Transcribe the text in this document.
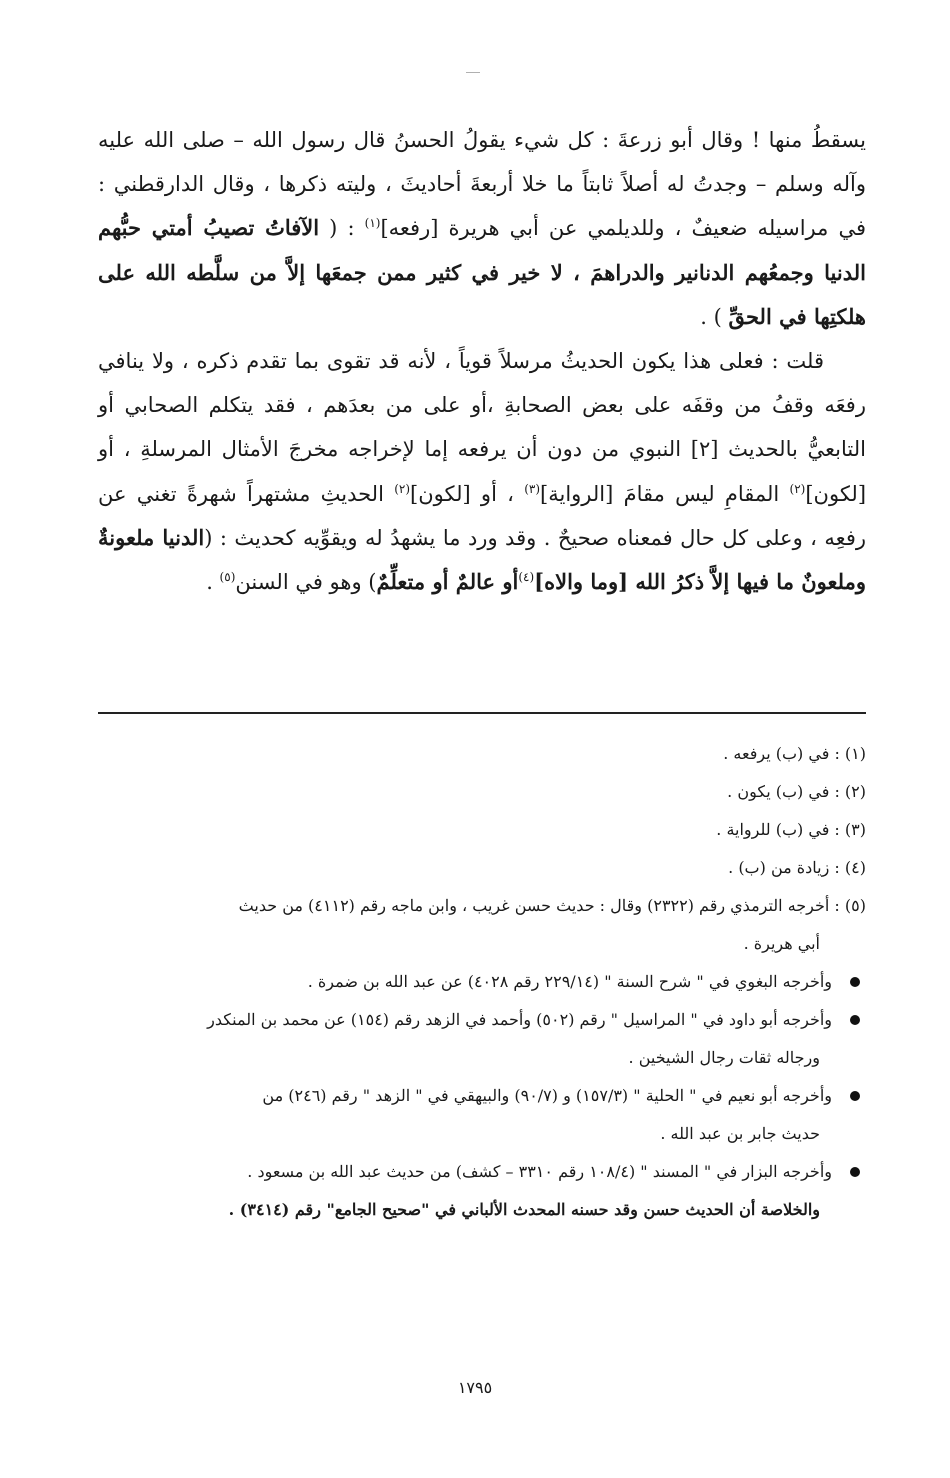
يسقطُ منها ! وقال أبو زرعةَ : كل شيء يقولُ الحسنُ قال رسول الله – صلى الله عليه وآله وسلم – وجدتُ له أصلاً ثابتاً ما خلا أربعةَ أحاديثَ ، وليته ذكرها ، وقال الدارقطني : في مراسيله ضعيفٌ ، وللديلمي عن أبي هريرة [رفعه]$^{(١)}$ : ( الآفاتُ تصيبُ أمتي حبُّهم الدنيا وجمعُهم الدنانير والدراهمَ ، لا خير في كثير ممن جمعَها إلاَّ من سلَّطه الله على هلكتِها في الحقِّ ) .

قلت : فعلى هذا يكون الحديثُ مرسلاً قوياً ، لأنه قد تقوى بما تقدم ذكره ، ولا ينافي رفعَه وقفُ من وقفَه على بعض الصحابةِ ،أو على من بعدَهم ، فقد يتكلم الصحابي أو التابعيُّ بالحديث [٢] النبوي من دون أن يرفعه إما لإخراجه مخرجَ الأمثال المرسلةِ ، أو [لكون]$^{(٢)}$ المقامِ ليس مقامَ [الرواية]$^{(٣)}$ ، أو [لكون]$^{(٢)}$ الحديثِ مشتهراً شهرةً تغني عن رفعِه ، وعلى كل حال فمعناه صحيحٌ . وقد ورد ما يشهدُ له ويقوِّيه كحديث : (الدنيا ملعونةٌ وملعونٌ ما فيها إلاَّ ذكرُ الله [وما والاه]$^{(٤)}$أو عالمٌ أو متعلِّمٌ) وهو في السنن$^{(٥)}$ .

(١) : في (ب) يرفعه .

(٢) : في (ب) يكون .

(٣) : في (ب) للرواية .

(٤) : زيادة من (ب) .

(٥) : أخرجه الترمذي رقم (٢٣٢٢) وقال : حديث حسن غريب ، وابن ماجه رقم (٤١١٢) من حديث

أبي هريرة .

وأخرجه البغوي في " شرح السنة " (٢٢٩/١٤ رقم ٤٠٢٨) عن عبد الله بن ضمرة .
وأخرجه أبو داود في " المراسيل " رقم (٥٠٢) وأحمد في الزهد رقم (١٥٤) عن محمد بن المنكدر

ورجاله ثقات رجال الشيخين .

وأخرجه أبو نعيم في " الحلية " (١٥٧/٣) و (٩٠/٧) والبيهقي في " الزهد " رقم (٢٤٦) من

حديث جابر بن عبد الله .

وأخرجه البزار في " المسند " (١٠٨/٤ رقم ٣٣١٠ – كشف) من حديث عبد الله بن مسعود .

والخلاصة أن الحديث حسن وقد حسنه المحدث الألباني في "صحيح الجامع" رقم (٣٤١٤) .

١٧٩٥
